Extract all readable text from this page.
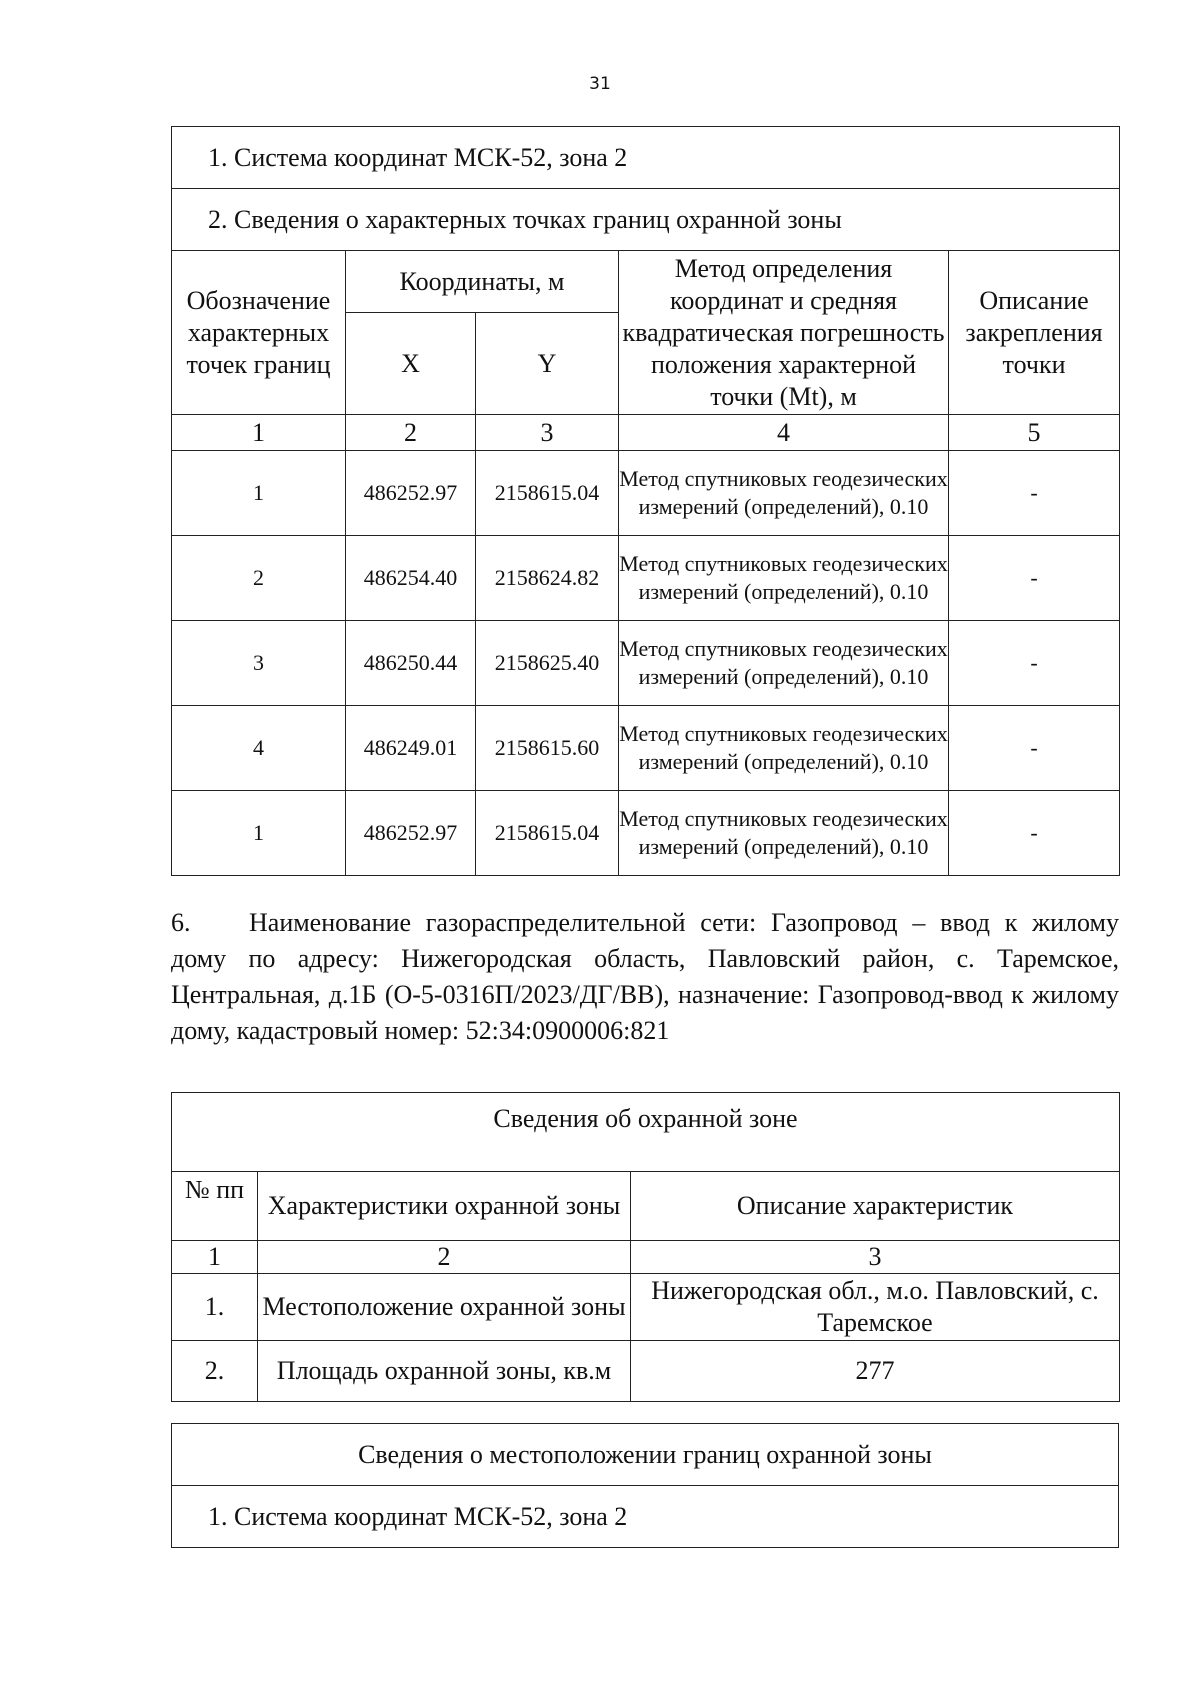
31
1. Система координат МСК-52, зона 2				
2. Сведения о характерных точках границ охранной зоны				
Обозначение характерных точек границ	Координаты, м		Метод определения координат и средняя квадратическая погрешность положения характерной точки (Mt), м	Описание закрепления точки
	X	Y		
1	2	3	4	5
1	486252.97	2158615.04	Метод спутниковых геодезических измерений (определений), 0.10	-
2	486254.40	2158624.82	Метод спутниковых геодезических измерений (определений), 0.10	-
3	486250.44	2158625.40	Метод спутниковых геодезических измерений (определений), 0.10	-
4	486249.01	2158615.60	Метод спутниковых геодезических измерений (определений), 0.10	-
1	486252.97	2158615.04	Метод спутниковых геодезических измерений (определений), 0.10	-
6. Наименование газораспределительной сети: Газопровод – ввод к жилому дому по адресу: Нижегородская область, Павловский район, с. Таремское, Центральная, д.1Б (О-5-0316П/2023/ДГ/ВВ), назначение: Газопровод-ввод к жилому дому, кадастровый номер: 52:34:0900006:821
Сведения об охранной зоне		
№ пп	Характеристики охранной зоны	Описание характеристик
1	2	3
1.	Местоположение охранной зоны	Нижегородская обл., м.о. Павловский, с. Таремское
2.	Площадь охранной зоны, кв.м	277
Сведения о местоположении границ охранной зоны
1. Система координат МСК-52, зона 2
